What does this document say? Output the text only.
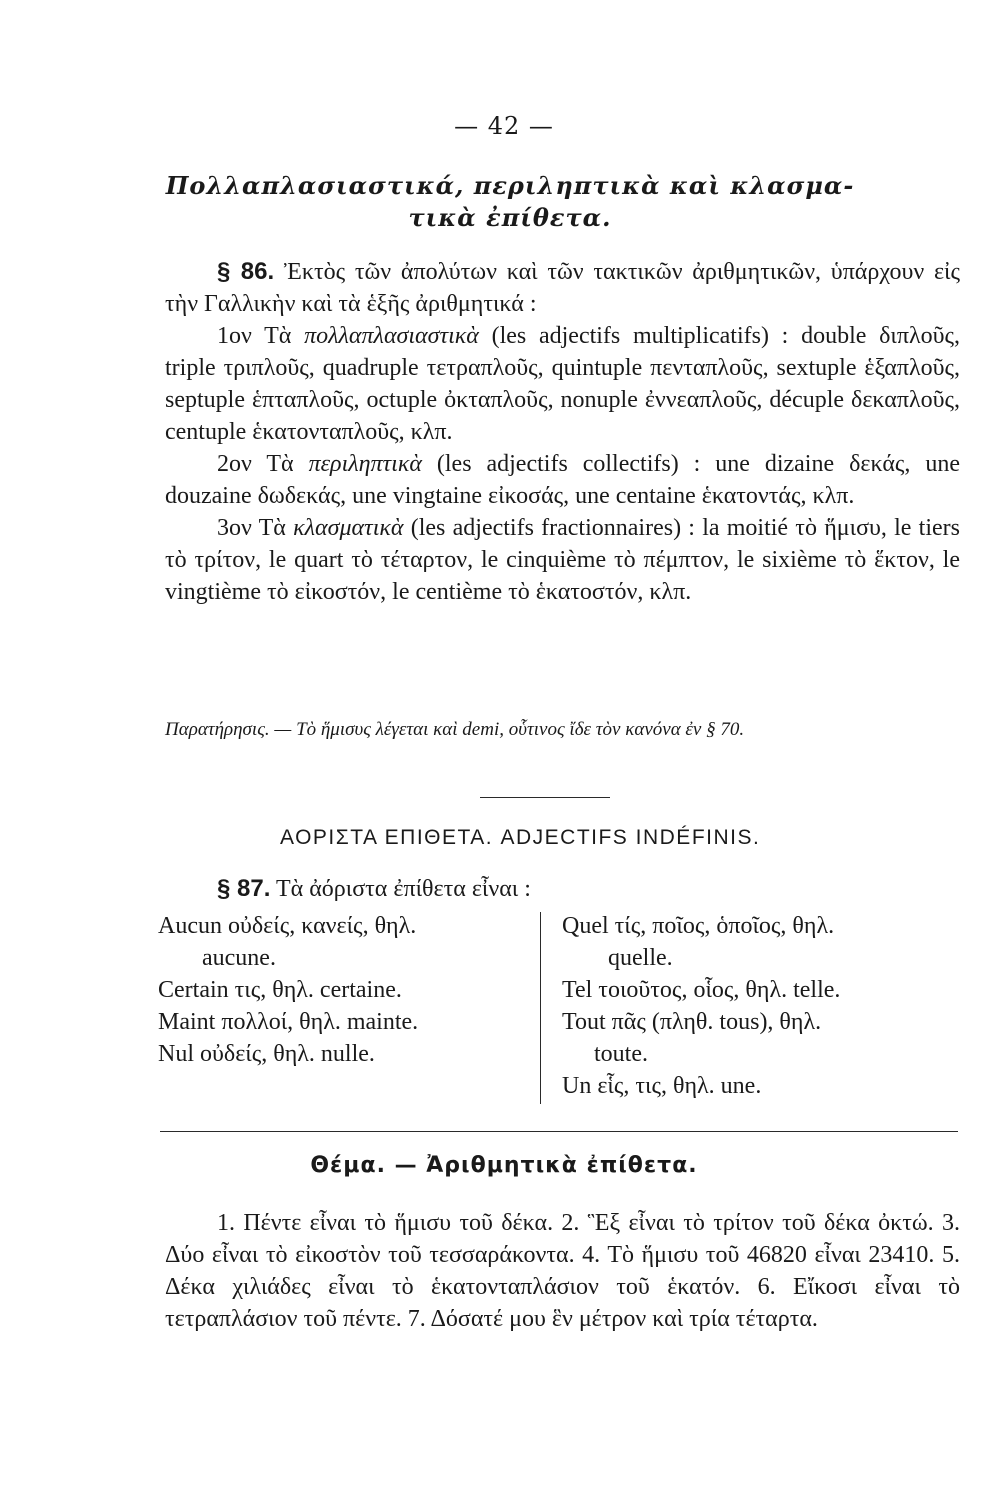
— 42 —
Πολλαπλασιαστικά, περιληπτικὰ καὶ κλασμα-
τικὰ ἐπίθετα.

§ 86. Ἐκτὸς τῶν ἀπολύτων καὶ τῶν τακτικῶν ἀριθμητικῶν, ὑπάρχουν εἰς τὴν Γαλλικὴν καὶ τὰ ἑξῆς ἀριθμητικά :

1ον Τὰ πολλαπλασιαστικὰ (les adjectifs multiplicatifs) : double διπλοῦς, triple τριπλοῦς, quadruple τετραπλοῦς, quintuple πενταπλοῦς, sextuple ἑξαπλοῦς, septuple ἑπταπλοῦς, octuple ὀκταπλοῦς, nonuple ἐννεαπλοῦς, décuple δεκαπλοῦς, centuple ἑκατονταπλοῦς, κλπ.

2ον Τὰ περιληπτικὰ (les adjectifs collectifs) : une dizaine δεκάς, une douzaine δωδεκάς, une vingtaine εἰκοσάς, une centaine ἑκατοντάς, κλπ.

3ον Τὰ κλασματικὰ (les adjectifs fractionnaires) : la moitié τὸ ἥμισυ, le tiers τὸ τρίτον, le quart τὸ τέταρτον, le cinquième τὸ πέμπτον, le sixième τὸ ἕκτον, le vingtième τὸ εἰκοστόν, le centième τὸ ἑκατοστόν, κλπ.

Παρατήρησις. — Τὸ ἥμισυς λέγεται καὶ demi, οὗτινος ἴδε τὸν κανόνα ἐν § 70.
ΑΟΡΙΣΤΑ ΕΠΙΘΕΤΑ. ADJECTIFS INDÉFINIS.

§ 87. Τὰ ἀόριστα ἐπίθετα εἶναι :

Aucun οὐδείς, κανείς, θηλ.
aucune.
Certain τις, θηλ. certaine.
Maint πολλοί, θηλ. mainte.
Nul οὐδείς, θηλ. nulle.
Quel τίς, ποῖος, ὁποῖος, θηλ.
quelle.
Tel τοιοῦτος, οἷος, θηλ. telle.
Tout πᾶς (πληθ. tous), θηλ.
toute.
Un εἷς, τις, θηλ. une.
Θέμα. — Ἀριθμητικὰ ἐπίθετα.

1. Πέντε εἶναι τὸ ἥμισυ τοῦ δέκα. 2. Ἓξ εἶναι τὸ τρίτον τοῦ δέκα ὀκτώ. 3. Δύο εἶναι τὸ εἰκοστὸν τοῦ τεσσαράκοντα. 4. Τὸ ἥμισυ τοῦ 46820 εἶναι 23410. 5. Δέκα χιλιάδες εἶναι τὸ ἑκατονταπλάσιον τοῦ ἑκατόν. 6. Εἴκοσι εἶναι τὸ τετραπλάσιον τοῦ πέντε. 7. Δόσατέ μου ἓν μέτρον καὶ τρία τέταρτα.
